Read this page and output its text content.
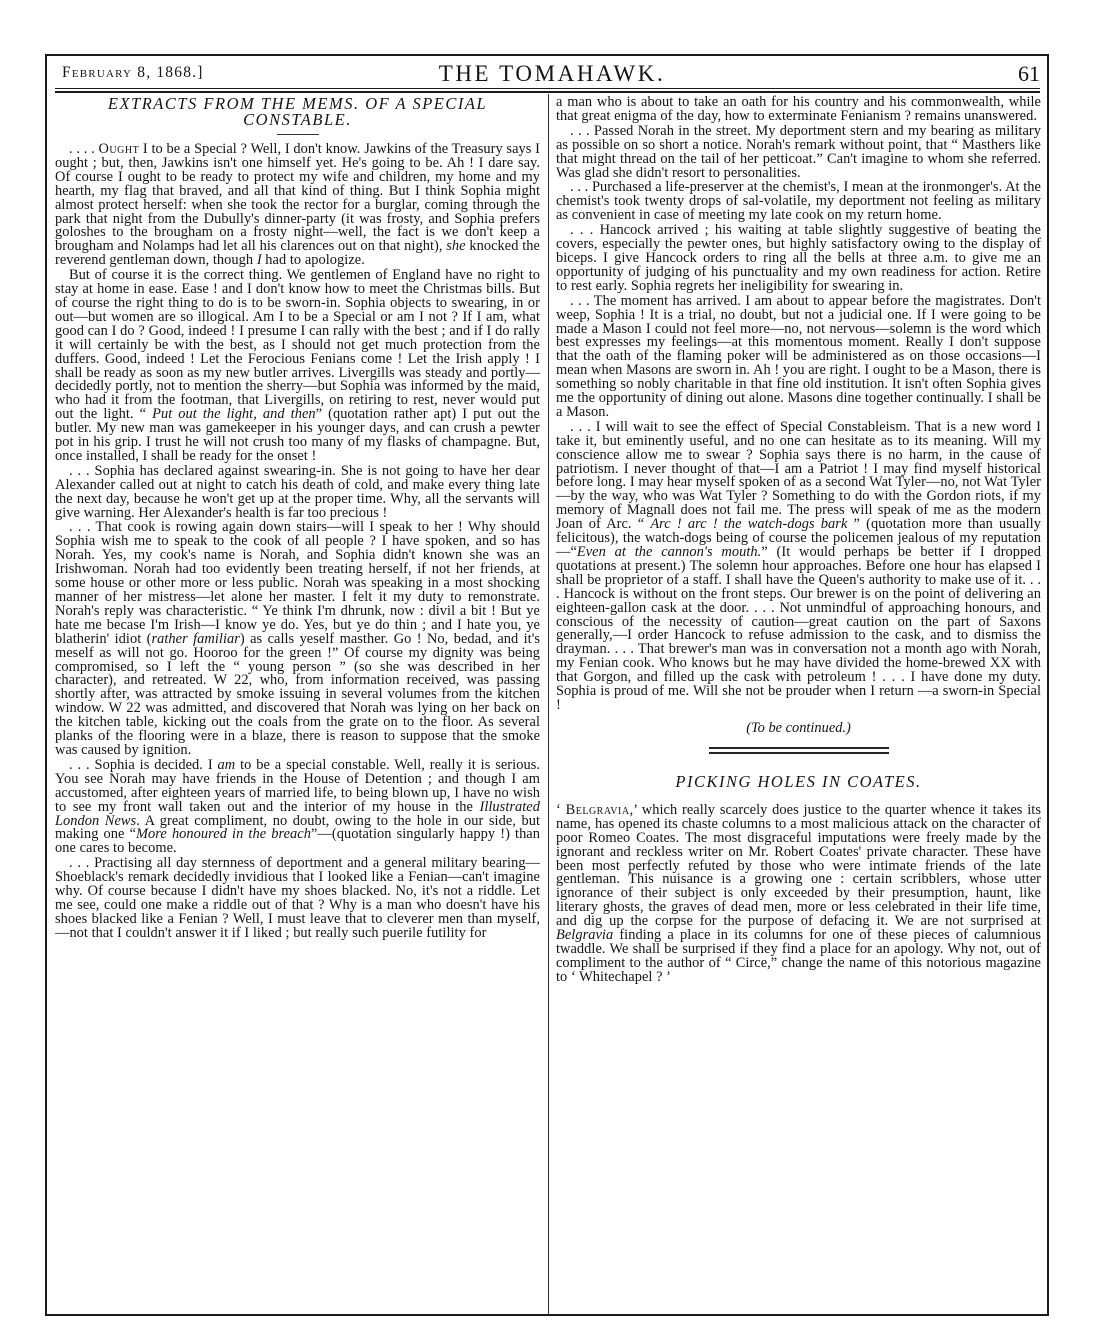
February 8, 1868.]	THE TOMAHAWK.	61
EXTRACTS FROM THE MEMS. OF A SPECIAL
CONSTABLE.

. . . . Ought I to be a Special ? Well, I don't know. Jawkins of the Treasury says I ought ; but, then, Jawkins isn't one himself yet. He's going to be. Ah ! I dare say. Of course I ought to be ready to protect my wife and children, my home and my hearth, my flag that braved, and all that kind of thing. But I think Sophia might almost protect herself: when she took the rector for a burglar, coming through the park that night from the Dubully's dinner-party (it was frosty, and Sophia prefers goloshes to the brougham on a frosty night—well, the fact is we don't keep a brougham and Nolamps had let all his clarences out on that night), she knocked the reverend gentleman down, though I had to apologize.

But of course it is the correct thing. We gentlemen of England have no right to stay at home in ease. Ease ! and I don't know how to meet the Christmas bills. But of course the right thing to do is to be sworn-in. Sophia objects to swearing, in or out—but women are so illogical. Am I to be a Special or am I not ? If I am, what good can I do ? Good, indeed ! I presume I can rally with the best ; and if I do rally it will certainly be with the best, as I should not get much protection from the duffers. Good, indeed ! Let the Ferocious Fenians come ! Let the Irish apply ! I shall be ready as soon as my new butler arrives. Livergills was steady and portly—decidedly portly, not to mention the sherry—but Sophia was informed by the maid, who had it from the footman, that Livergills, on retiring to rest, never would put out the light. “ Put out the light, and then” (quotation rather apt) I put out the butler. My new man was gamekeeper in his younger days, and can crush a pewter pot in his grip. I trust he will not crush too many of my flasks of champagne. But, once installed, I shall be ready for the onset !

. . . Sophia has declared against swearing-in. She is not going to have her dear Alexander called out at night to catch his death of cold, and make every thing late the next day, because he won't get up at the proper time. Why, all the servants will give warning. Her Alexander's health is far too precious !

. . . That cook is rowing again down stairs—will I speak to her ! Why should Sophia wish me to speak to the cook of all people ? I have spoken, and so has Norah. Yes, my cook's name is Norah, and Sophia didn't known she was an Irishwoman. Norah had too evidently been treating herself, if not her friends, at some house or other more or less public. Norah was speaking in a most shocking manner of her mistress—let alone her master. I felt it my duty to remonstrate. Norah's reply was characteristic. “ Ye think I'm dhrunk, now : divil a bit ! But ye hate me becase I'm Irish—I know ye do. Yes, but ye do thin ; and I hate you, ye blatherin' idiot (rather familiar) as calls yeself masther. Go ! No, bedad, and it's meself as will not go. Hooroo for the green !” Of course my dignity was being compromised, so I left the “ young person ” (so she was described in her character), and retreated. W 22, who, from information received, was passing shortly after, was attracted by smoke issuing in several volumes from the kitchen window. W 22 was admitted, and discovered that Norah was lying on her back on the kitchen table, kicking out the coals from the grate on to the floor. As several planks of the flooring were in a blaze, there is reason to suppose that the smoke was caused by ignition.

. . . Sophia is decided. I am to be a special constable. Well, really it is serious. You see Norah may have friends in the House of Detention ; and though I am accustomed, after eighteen years of married life, to being blown up, I have no wish to see my front wall taken out and the interior of my house in the Illustrated London News. A great compliment, no doubt, owing to the hole in our side, but making one “More honoured in the breach”—(quotation singularly happy !) than one cares to become.

. . . Practising all day sternness of deportment and a general military bearing—Shoeblack's remark decidedly invidious that I looked like a Fenian—can't imagine why. Of course because I didn't have my shoes blacked. No, it's not a riddle. Let me see, could one make a riddle out of that ? Why is a man who doesn't have his shoes blacked like a Fenian ? Well, I must leave that to cleverer men than myself,—not that I couldn't answer it if I liked ; but really such puerile futility for

a man who is about to take an oath for his country and his commonwealth, while that great enigma of the day, how to exterminate Fenianism ? remains unanswered.

. . . Passed Norah in the street. My deportment stern and my bearing as military as possible on so short a notice. Norah's remark without point, that “ Masthers like that might thread on the tail of her petticoat.” Can't imagine to whom she referred. Was glad she didn't resort to personalities.

. . . Purchased a life-preserver at the chemist's, I mean at the ironmonger's. At the chemist's took twenty drops of sal-volatile, my deportment not feeling as military as convenient in case of meeting my late cook on my return home.

. . . Hancock arrived ; his waiting at table slightly suggestive of beating the covers, especially the pewter ones, but highly satisfactory owing to the display of biceps. I give Hancock orders to ring all the bells at three a.m. to give me an opportunity of judging of his punctuality and my own readiness for action. Retire to rest early. Sophia regrets her ineligibility for swearing in.

. . . The moment has arrived. I am about to appear before the magistrates. Don't weep, Sophia ! It is a trial, no doubt, but not a judicial one. If I were going to be made a Mason I could not feel more—no, not nervous—solemn is the word which best expresses my feelings—at this momentous moment. Really I don't suppose that the oath of the flaming poker will be administered as on those occasions—I mean when Masons are sworn in. Ah ! you are right. I ought to be a Mason, there is something so nobly charitable in that fine old institution. It isn't often Sophia gives me the opportunity of dining out alone. Masons dine together continually. I shall be a Mason.

. . . I will wait to see the effect of Special Constableism. That is a new word I take it, but eminently useful, and no one can hesitate as to its meaning. Will my conscience allow me to swear ? Sophia says there is no harm, in the cause of patriotism. I never thought of that—I am a Patriot ! I may find myself historical before long. I may hear myself spoken of as a second Wat Tyler—no, not Wat Tyler—by the way, who was Wat Tyler ? Something to do with the Gordon riots, if my memory of Magnall does not fail me. The press will speak of me as the modern Joan of Arc. “ Arc ! arc ! the watch-dogs bark ” (quotation more than usually felicitous), the watch-dogs being of course the policemen jealous of my reputation—“Even at the cannon's mouth.” (It would perhaps be better if I dropped quotations at present.) The solemn hour approaches. Before one hour has elapsed I shall be proprietor of a staff. I shall have the Queen's authority to make use of it. . . . Hancock is without on the front steps. Our brewer is on the point of delivering an eighteen-gallon cask at the door. . . . Not unmindful of approaching honours, and conscious of the necessity of caution—great caution on the part of Saxons generally,—I order Hancock to refuse admission to the cask, and to dismiss the drayman. . . . That brewer's man was in conversation not a month ago with Norah, my Fenian cook. Who knows but he may have divided the home-brewed XX with that Gorgon, and filled up the cask with petroleum ! . . . I have done my duty. Sophia is proud of me. Will she not be prouder when I return —a sworn-in Special !

(To be continued.)

PICKING HOLES IN COATES.

‘ Belgravia,’ which really scarcely does justice to the quarter whence it takes its name, has opened its chaste columns to a most malicious attack on the character of poor Romeo Coates. The most disgraceful imputations were freely made by the ignorant and reckless writer on Mr. Robert Coates' private character. These have been most perfectly refuted by those who were intimate friends of the late gentleman. This nuisance is a growing one : certain scribblers, whose utter ignorance of their subject is only exceeded by their presumption, haunt, like literary ghosts, the graves of dead men, more or less celebrated in their life time, and dig up the corpse for the purpose of defacing it. We are not surprised at Belgravia finding a place in its columns for one of these pieces of calumnious twaddle. We shall be surprised if they find a place for an apology. Why not, out of compliment to the author of “ Circe,” change the name of this notorious magazine to ‘ Whitechapel ? ’
